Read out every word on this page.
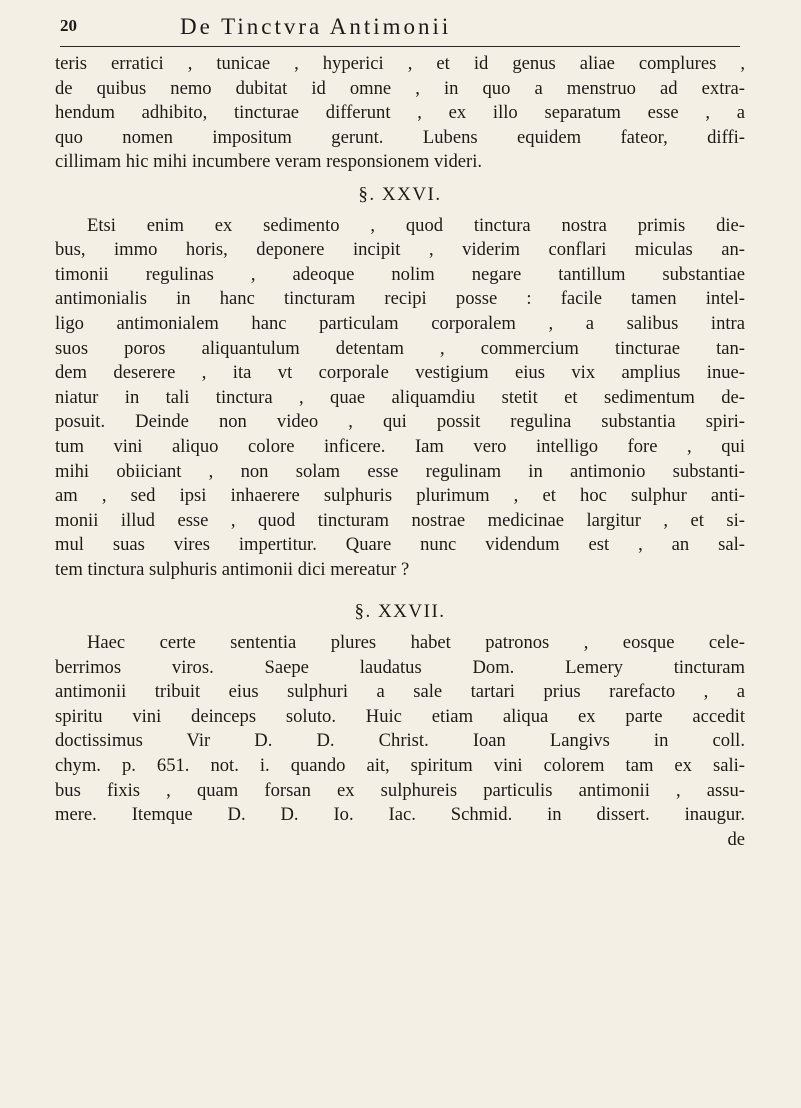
20	De Tinctvra Antimonii
teris erratici , tunicae , hyperici , et id genus aliae complures ,
de quibus nemo dubitat id omne , in quo a menstruo ad extra-
hendum adhibito, tincturae differunt , ex illo separatum esse , a
quo nomen impositum gerunt. Lubens equidem fateor, diffi-
cillimam hic mihi incumbere veram responsionem videri.
§. XXVI.
Etsi enim ex sedimento , quod tinctura nostra primis die-
bus, immo horis, deponere incipit , viderim conflari miculas an-
timonii regulinas , adeoque nolim negare tantillum substantiae
antimonialis in hanc tincturam recipi posse : facile tamen intel-
ligo antimonialem hanc particulam corporalem , a salibus intra
suos poros aliquantulum detentam , commercium tincturae tan-
dem deserere , ita vt corporale vestigium eius vix amplius inue-
niatur in tali tinctura , quae aliquamdiu stetit et sedimentum de-
posuit. Deinde non video , qui possit regulina substantia spiri-
tum vini aliquo colore inficere. Iam vero intelligo fore , qui
mihi obiiciant , non solam esse regulinam in antimonio substanti-
am , sed ipsi inhaerere sulphuris plurimum , et hoc sulphur anti-
monii illud esse , quod tincturam nostrae medicinae largitur , et si-
mul suas vires impertitur. Quare nunc videndum est , an sal-
tem tinctura sulphuris antimonii dici mereatur ?
§. XXVII.
Haec certe sententia plures habet patronos , eosque cele-
berrimos viros. Saepe laudatus Dom. Lemery tincturam
antimonii tribuit eius sulphuri a sale tartari prius rarefacto , a
spiritu vini deinceps soluto. Huic etiam aliqua ex parte accedit
doctissimus Vir D. D. Christ. Ioan Langivs in coll.
chym. p. 651. not. i. quando ait, spiritum vini colorem tam ex sali-
bus fixis , quam forsan ex sulphureis particulis antimonii , assu-
mere. Itemque D. D. Io. Iac. Schmid. in dissert. inaugur.
de
